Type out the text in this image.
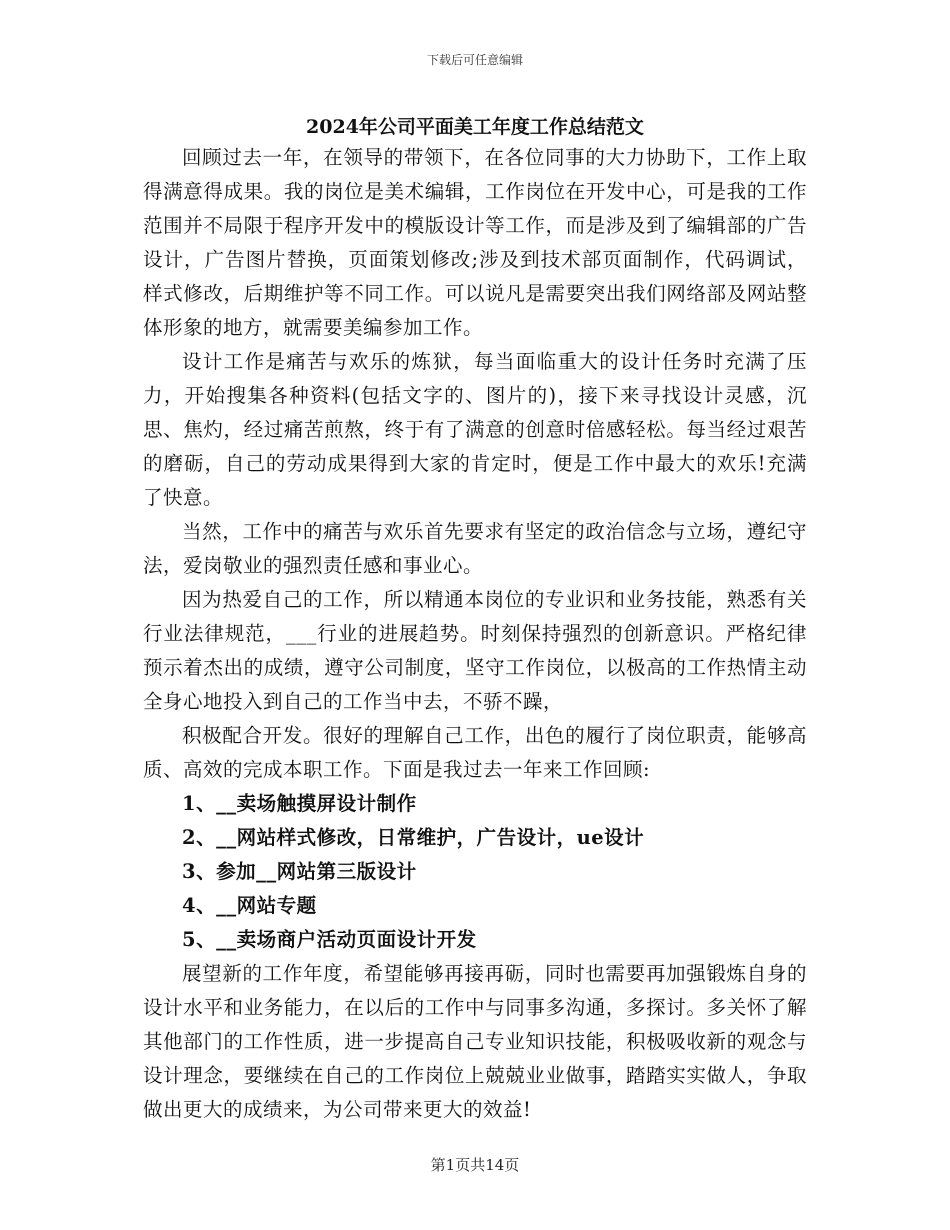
下载后可任意编辑
2024年公司平面美工年度工作总结范文

回顾过去一年，在领导的带领下，在各位同事的大力协助下，工作上取得满意得成果。我的岗位是美术编辑，工作岗位在开发中心，可是我的工作范围并不局限于程序开发中的模版设计等工作，而是涉及到了编辑部的广告设计，广告图片替换，页面策划修改;涉及到技术部页面制作，代码调试，样式修改，后期维护等不同工作。可以说凡是需要突出我们网络部及网站整体形象的地方，就需要美编参加工作。

设计工作是痛苦与欢乐的炼狱，每当面临重大的设计任务时充满了压力，开始搜集各种资料(包括文字的、图片的)，接下来寻找设计灵感，沉思、焦灼，经过痛苦煎熬，终于有了满意的创意时倍感轻松。每当经过艰苦的磨砺，自己的劳动成果得到大家的肯定时，便是工作中最大的欢乐!充满了快意。

当然，工作中的痛苦与欢乐首先要求有坚定的政治信念与立场，遵纪守法，爱岗敬业的强烈责任感和事业心。

因为热爱自己的工作，所以精通本岗位的专业识和业务技能，熟悉有关行业法律规范，___行业的进展趋势。时刻保持强烈的创新意识。严格纪律预示着杰出的成绩，遵守公司制度，坚守工作岗位，以极高的工作热情主动全身心地投入到自己的工作当中去，不骄不躁，

积极配合开发。很好的理解自己工作，出色的履行了岗位职责，能够高质、高效的完成本职工作。下面是我过去一年来工作回顾:

1、__卖场触摸屏设计制作

2、__网站样式修改，日常维护，广告设计，ue设计

3、参加__网站第三版设计

4、__网站专题

5、__卖场商户活动页面设计开发

展望新的工作年度，希望能够再接再砺，同时也需要再加强锻炼自身的设计水平和业务能力，在以后的工作中与同事多沟通，多探讨。多关怀了解其他部门的工作性质，进一步提高自己专业知识技能，积极吸收新的观念与设计理念，要继续在自己的工作岗位上兢兢业业做事，踏踏实实做人，争取做出更大的成绩来，为公司带来更大的效益!

第1页共14页
